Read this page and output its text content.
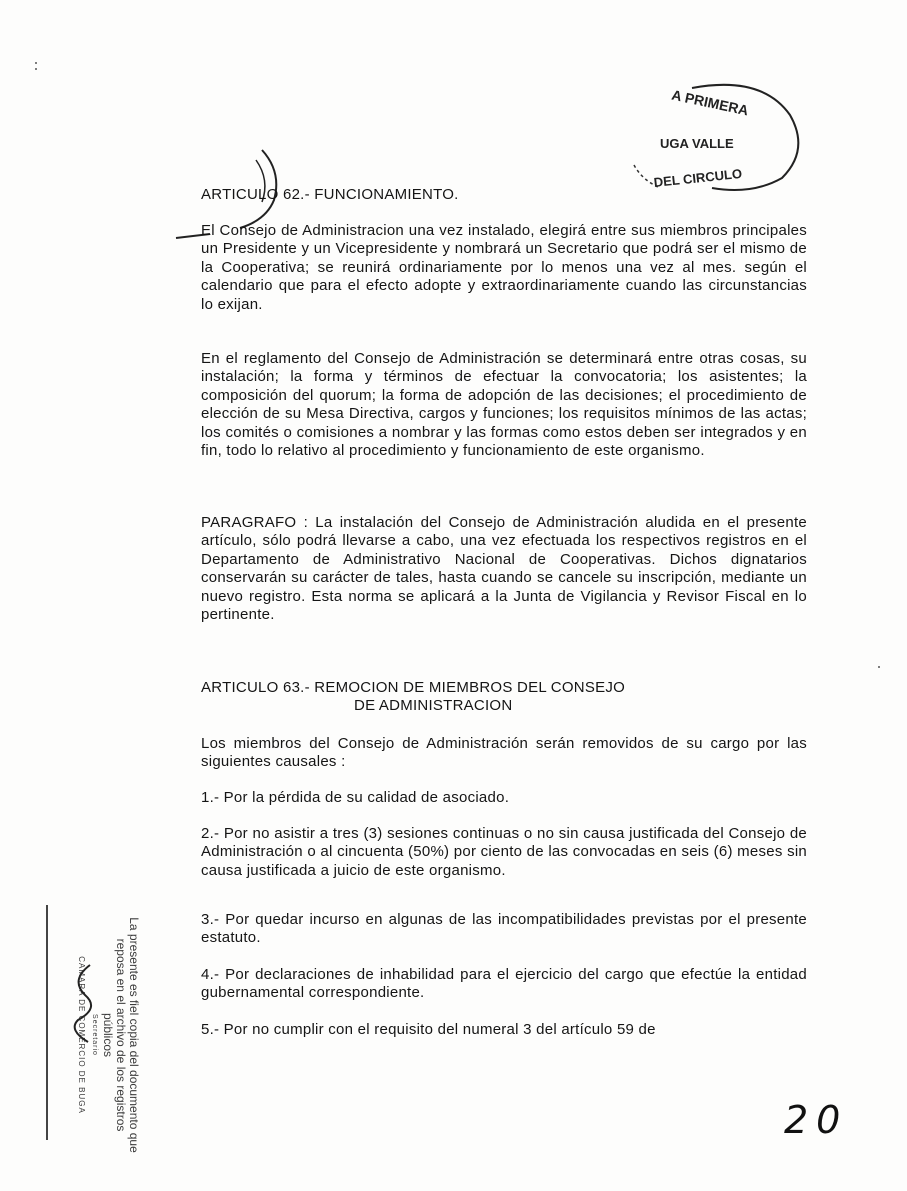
A PRIMERA
UGA VALLE
DEL CIRCULO
ARTICULO 62.- FUNCIONAMIENTO.
El Consejo de Administracion una vez instalado, elegirá entre sus miembros principales un Presidente y un Vicepresidente y nombrará un Secretario que podrá ser el mismo de la Cooperativa; se reunirá ordinariamente por lo menos una vez al mes. según el calendario que para el efecto adopte y extraordinariamente cuando las circunstancias lo exijan.
En el reglamento del Consejo de Administración se determinará entre otras cosas, su instalación; la forma y términos de efectuar la convocatoria; los asistentes; la composición del quorum; la forma de adopción de las decisiones; el procedimiento de elección de su Mesa Directiva, cargos y funciones; los requisitos mínimos de las actas; los comités o comisiones a nombrar y las formas como estos deben ser integrados y en fin, todo lo relativo al procedimiento y funcionamiento de este organismo.
PARAGRAFO : La instalación del Consejo de Administración aludida en el presente artículo, sólo podrá llevarse a cabo, una vez efectuada los respectivos registros en el Departamento de Administrativo Nacional de Cooperativas. Dichos dignatarios conservarán su carácter de tales, hasta cuando se cancele su inscripción, mediante un nuevo registro. Esta norma se aplicará a la Junta de Vigilancia y Revisor Fiscal en lo pertinente.
ARTICULO 63.- REMOCION DE MIEMBROS DEL CONSEJO
DE ADMINISTRACION
Los miembros del Consejo de Administración serán removidos de su cargo por las siguientes causales :
1.- Por la pérdida de su calidad de asociado.
2.- Por no asistir a tres (3) sesiones continuas o no sin causa justificada del Consejo de Administración o al cincuenta (50%) por ciento de las convocadas en seis (6) meses sin causa justificada a juicio de este organismo.
3.- Por quedar incurso en algunas de las incompatibilidades previstas por el presente estatuto.
4.- Por declaraciones de inhabilidad para el ejercicio del cargo que efectúe la entidad gubernamental correspondiente.
5.- Por no cumplir con el requisito del numeral 3 del artículo 59 de
La presente es fiel copia del documento que
reposa en el archivo de los registros públicos
Secretario
CAMARA DE COMERCIO DE BUGA
20
